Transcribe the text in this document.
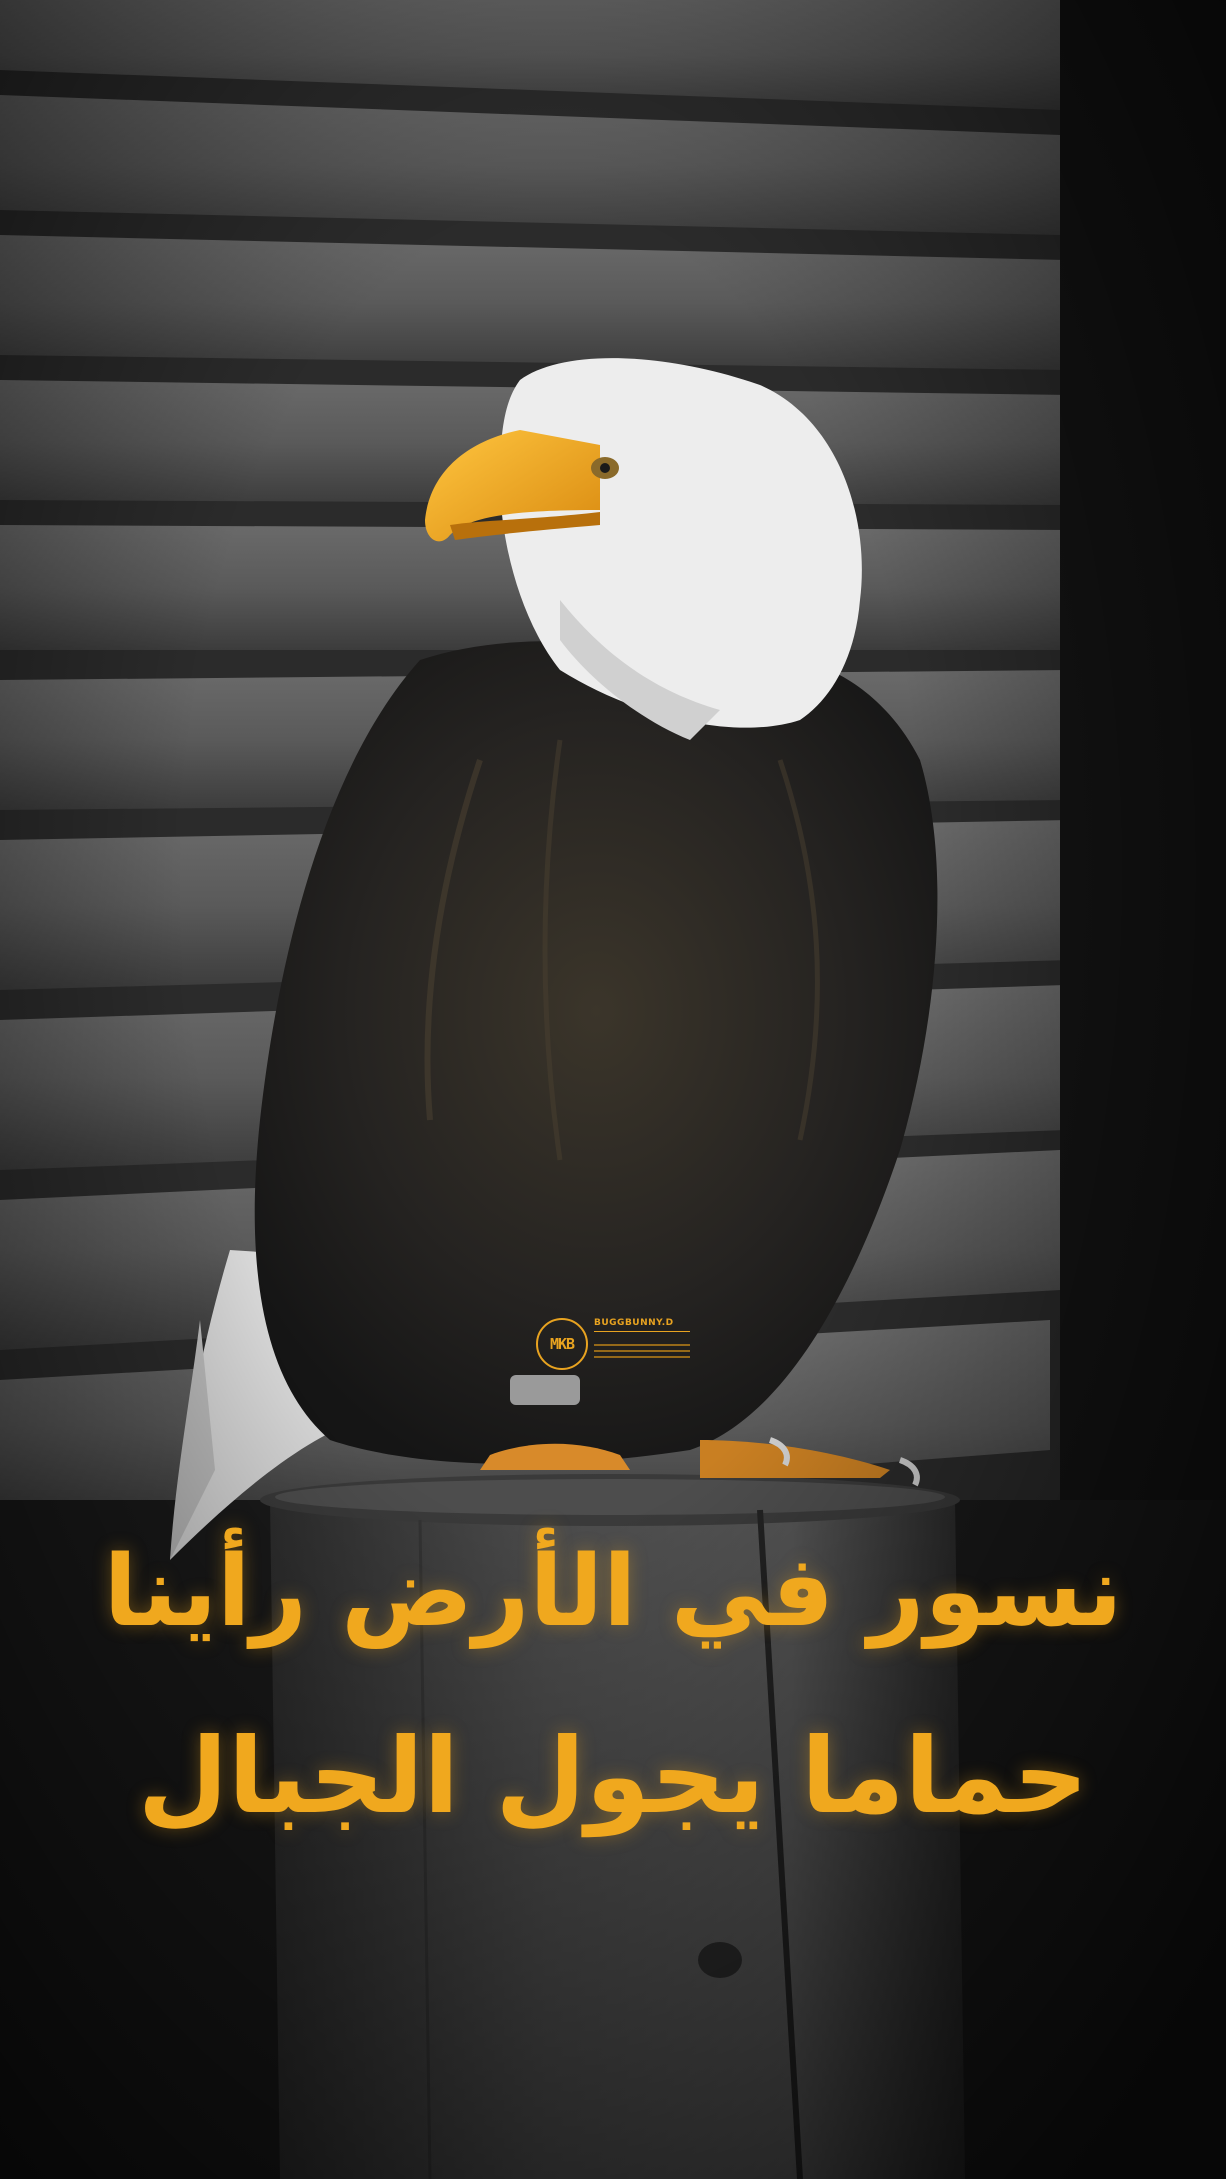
MKB
BUGGBUNNY.D
نسور في الأرض رأينا
حماما يجول الجبال
